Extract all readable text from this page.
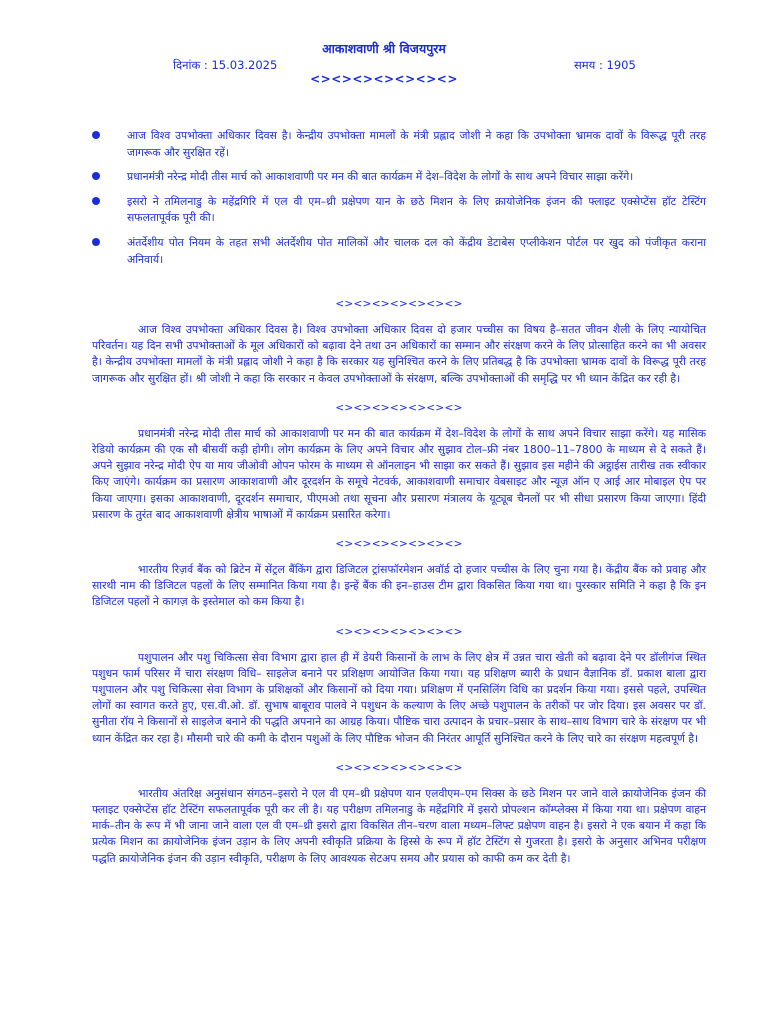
आकाशवाणी श्री विजयपुरम
दिनांक : 15.03.2025	समय : 1905
<><><><><><><>
आज विश्व उपभोक्ता अधिकार दिवस है। केन्द्रीय उपभोक्ता मामलों के मंत्री प्रह्लाद जोशी ने कहा कि उपभोक्ता भ्रामक दावों के विरूद्ध पूरी तरह जागरूक और सुरक्षित रहें।
प्रधानमंत्री नरेन्द्र मोदी तीस मार्च को आकाशवाणी पर मन की बात कार्यक्रम में देश–विदेश के लोगों के साथ अपने विचार साझा करेंगे।
इसरो ने तमिलनाडु के महेंद्रगिरि में एल वी एम–थ्री प्रक्षेपण यान के छठे मिशन के लिए क्रायोजेनिक इंजन की फ्लाइट एक्सेप्टेंस हॉट टेस्टिंग सफलतापूर्वक पूरी की।
अंतर्देशीय पोत नियम के तहत सभी अंतर्देशीय पोत मालिकों और चालक दल को केंद्रीय डेटाबेस एप्लीकेशन पोर्टल पर खुद को पंजीकृत कराना अनिवार्य।
<><><><><><><>

आज विश्व उपभोक्ता अधिकार दिवस है। विश्व उपभोक्ता अधिकार दिवस दो हजार पच्चीस का विषय है–सतत जीवन शैली के लिए न्यायोचित परिवर्तन। यह दिन सभी उपभोक्ताओं के मूल अधिकारों को बढ़ावा देने तथा उन अधिकारों का सम्मान और संरक्षण करने के लिए प्रोत्साहित करने का भी अवसर है। केन्द्रीय उपभोक्ता मामलों के मंत्री प्रह्लाद जोशी ने कहा है कि सरकार यह सुनिश्चित करने के लिए प्रतिबद्ध है कि उपभोक्ता भ्रामक दावों के विरूद्ध पूरी तरह जागरूक और सुरक्षित हों। श्री जोशी ने कहा कि सरकार न केवल उपभोक्ताओं के संरक्षण, बल्कि उपभोक्ताओं की समृद्धि पर भी ध्यान केंद्रित कर रही है।

<><><><><><><>

प्रधानमंत्री नरेन्द्र मोदी तीस मार्च को आकाशवाणी पर मन की बात कार्यक्रम में देश–विदेश के लोगों के साथ अपने विचार साझा करेंगे। यह मासिक रेडियो कार्यक्रम की एक सौ बीसवीं कड़ी होगी। लोग कार्यक्रम के लिए अपने विचार और सुझाव टोल–फ्री नंबर 1800–11–7800 के माध्यम से दे सकते हैं। अपने सुझाव नरेन्द्र मोदी ऐप या माय जीओवी ओपन फोरम के माध्यम से ऑनलाइन भी साझा कर सकते हैं। सुझाव इस महीने की अट्ठाईस तारीख तक स्वीकार किए जाएंगे। कार्यक्रम का प्रसारण आकाशवाणी और दूरदर्शन के समूचे नेटवर्क, आकाशवाणी समाचार वेबसाइट और न्यूज़ ऑन ए आई आर मोबाइल ऐप पर किया जाएगा। इसका आकाशवाणी, दूरदर्शन समाचार, पीएमओ तथा सूचना और प्रसारण मंत्रालय के यूट्यूब चैनलों पर भी सीधा प्रसारण किया जाएगा। हिंदी प्रसारण के तुरंत बाद आकाशवाणी क्षेत्रीय भाषाओं में कार्यक्रम प्रसारित करेगा।

<><><><><><><>

भारतीय रिज़र्व बैंक को ब्रिटेन में सेंट्रल बैंकिंग द्वारा डिजिटल ट्रांसफॉरमेशन अवॉर्ड दो हजार पच्चीस के लिए चुना गया है। केंद्रीय बैंक को प्रवाह और सारथी नाम की डिजिटल पहलों के लिए सम्मानित किया गया है। इन्हें बैंक की इन–हाउस टीम द्वारा विकसित किया गया था। पुरस्कार समिति ने कहा है कि इन डिजिटल पहलों ने कागज़ के इस्तेमाल को कम किया है।

<><><><><><><>

पशुपालन और पशु चिकित्सा सेवा विभाग द्वारा हाल ही में डेयरी किसानों के लाभ के लिए क्षेत्र में उन्नत चारा खेती को बढ़ावा देने पर डॉलीगंज स्थित पशुधन फार्म परिसर में चारा संरक्षण विधि– साइलेज बनाने पर प्रशिक्षण आयोजित किया गया। यह प्रशिक्षण ब्यारी के प्रधान वैज्ञानिक डॉ. प्रकाश बाला द्वारा पशुपालन और पशु चिकित्सा सेवा विभाग के प्रशिक्षकों और किसानों को दिया गया। प्रशिक्षण में एनसिलिंग विधि का प्रदर्शन किया गया। इससे पहले, उपस्थित लोगों का स्वागत करते हुए, एस.वी.ओ. डॉ. सुभाष बाबूराव पालवे ने पशुधन के कल्याण के लिए अच्छे पशुपालन के तरीकों पर जोर दिया। इस अवसर पर डॉ. सुनीता रॉय ने किसानों से साइलेज बनाने की पद्धति अपनाने का आग्रह किया। पौष्टिक चारा उत्पादन के प्रचार–प्रसार के साथ–साथ विभाग चारे के संरक्षण पर भी ध्यान केंद्रित कर रहा है। मौसमी चारे की कमी के दौरान पशुओं के लिए पौष्टिक भोजन की निरंतर आपूर्ति सुनिश्चित करने के लिए चारे का संरक्षण महत्वपूर्ण है।

<><><><><><><>

भारतीय अंतरिक्ष अनुसंधान संगठन–इसरो ने एल वी एम–थ्री प्रक्षेपण यान एलवीएम–एम सिक्स के छठे मिशन पर जाने वाले क्रायोजेनिक इंजन की फ्लाइट एक्सेप्टेंस हॉट टेस्टिंग सफलतापूर्वक पूरी कर ली है। यह परीक्षण तमिलनाडु के महेंद्रगिरि में इसरो प्रोपल्शन कॉम्प्लेक्स में किया गया था। प्रक्षेपण वाहन मार्क–तीन के रूप में भी जाना जाने वाला एल वी एम–थ्री इसरो द्वारा विकसित तीन–चरण वाला मध्यम–लिफ्ट प्रक्षेपण वाहन है। इसरो ने एक बयान में कहा कि प्रत्येक मिशन का क्रायोजेनिक इंजन उड़ान के लिए अपनी स्वीकृति प्रक्रिया के हिस्से के रूप में हॉट टेस्टिंग से गुजरता है। इसरो के अनुसार अभिनव परीक्षण पद्धति क्रायोजेनिक इंजन की उड़ान स्वीकृति, परीक्षण के लिए आवश्यक सेटअप समय और प्रयास को काफी कम कर देती है।
